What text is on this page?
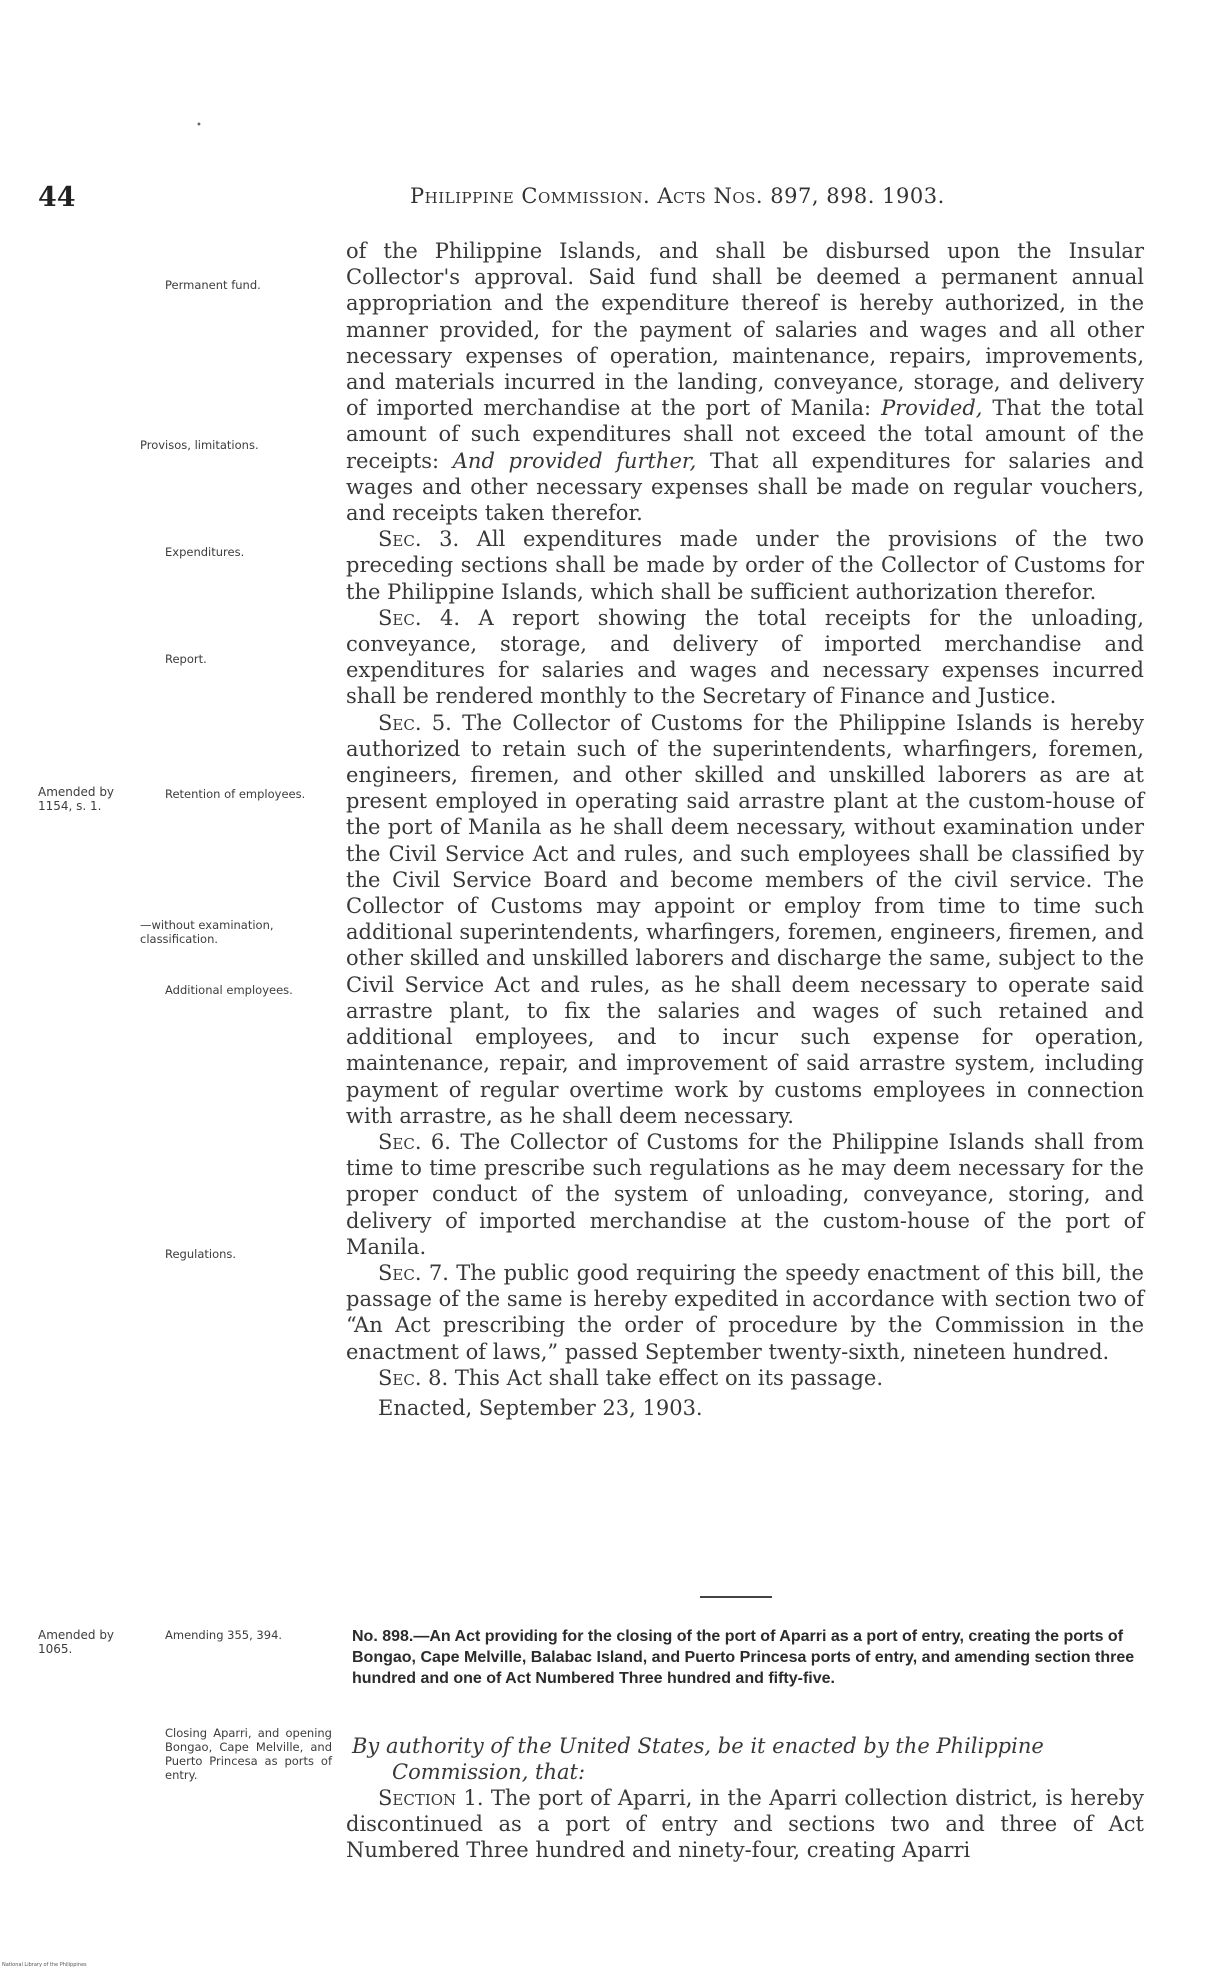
•
44	Philippine Commission. Acts Nos. 897, 898. 1903.
Permanent fund.
Provisos, limitations.
Expenditures.
Report.
Amended by 1154, s. 1.
Retention of employees.
—without examination, classification.
Additional employees.
Regulations.
Amended by 1065.
Amending 355, 394.
Closing Aparri, and opening Bongao, Cape Melville, and Puerto Princesa as ports of entry.

of the Philippine Islands, and shall be disbursed upon the Insular Collector's approval. Said fund shall be deemed a permanent annual appropriation and the expenditure thereof is hereby authorized, in the manner provided, for the payment of salaries and wages and all other necessary expenses of operation, maintenance, repairs, improvements, and materials incurred in the landing, conveyance, storage, and delivery of imported merchandise at the port of Manila: Provided, That the total amount of such expenditures shall not exceed the total amount of the receipts: And provided further, That all expenditures for salaries and wages and other necessary expenses shall be made on regular vouchers, and receipts taken therefor.

Sec. 3. All expenditures made under the provisions of the two preceding sections shall be made by order of the Collector of Customs for the Philippine Islands, which shall be sufficient authorization therefor.

Sec. 4. A report showing the total receipts for the unloading, conveyance, storage, and delivery of imported merchandise and expenditures for salaries and wages and necessary expenses incurred shall be rendered monthly to the Secretary of Finance and Justice.

Sec. 5. The Collector of Customs for the Philippine Islands is hereby authorized to retain such of the superintendents, wharfingers, foremen, engineers, firemen, and other skilled and unskilled laborers as are at present employed in operating said arrastre plant at the custom-house of the port of Manila as he shall deem necessary, without examination under the Civil Service Act and rules, and such employees shall be classified by the Civil Service Board and become members of the civil service. The Collector of Customs may appoint or employ from time to time such additional superintendents, wharfingers, foremen, engineers, firemen, and other skilled and unskilled laborers and discharge the same, subject to the Civil Service Act and rules, as he shall deem necessary to operate said arrastre plant, to fix the salaries and wages of such retained and additional employees, and to incur such expense for operation, maintenance, repair, and improvement of said arrastre system, including payment of regular overtime work by customs employees in connection with arrastre, as he shall deem necessary.

Sec. 6. The Collector of Customs for the Philippine Islands shall from time to time prescribe such regulations as he may deem necessary for the proper conduct of the system of unloading, conveyance, storing, and delivery of imported merchandise at the custom-house of the port of Manila.

Sec. 7. The public good requiring the speedy enactment of this bill, the passage of the same is hereby expedited in accordance with section two of “An Act prescribing the order of procedure by the Commission in the enactment of laws,” passed September twenty-sixth, nineteen hundred.

Sec. 8. This Act shall take effect on its passage.

Enacted, September 23, 1903.

No. 898.—An Act providing for the closing of the port of Aparri as a port of entry, creating the ports of Bongao, Cape Melville, Balabac Island, and Puerto Princesa ports of entry, and amending section three hundred and one of Act Numbered Three hundred and fifty-five.
By authority of the United States, be it enacted by the Philippine
Commission, that:
Section 1. The port of Aparri, in the Aparri collection district, is hereby discontinued as a port of entry and sections two and three of Act Numbered Three hundred and ninety-four, creating Aparri
National Library of the Philippines
